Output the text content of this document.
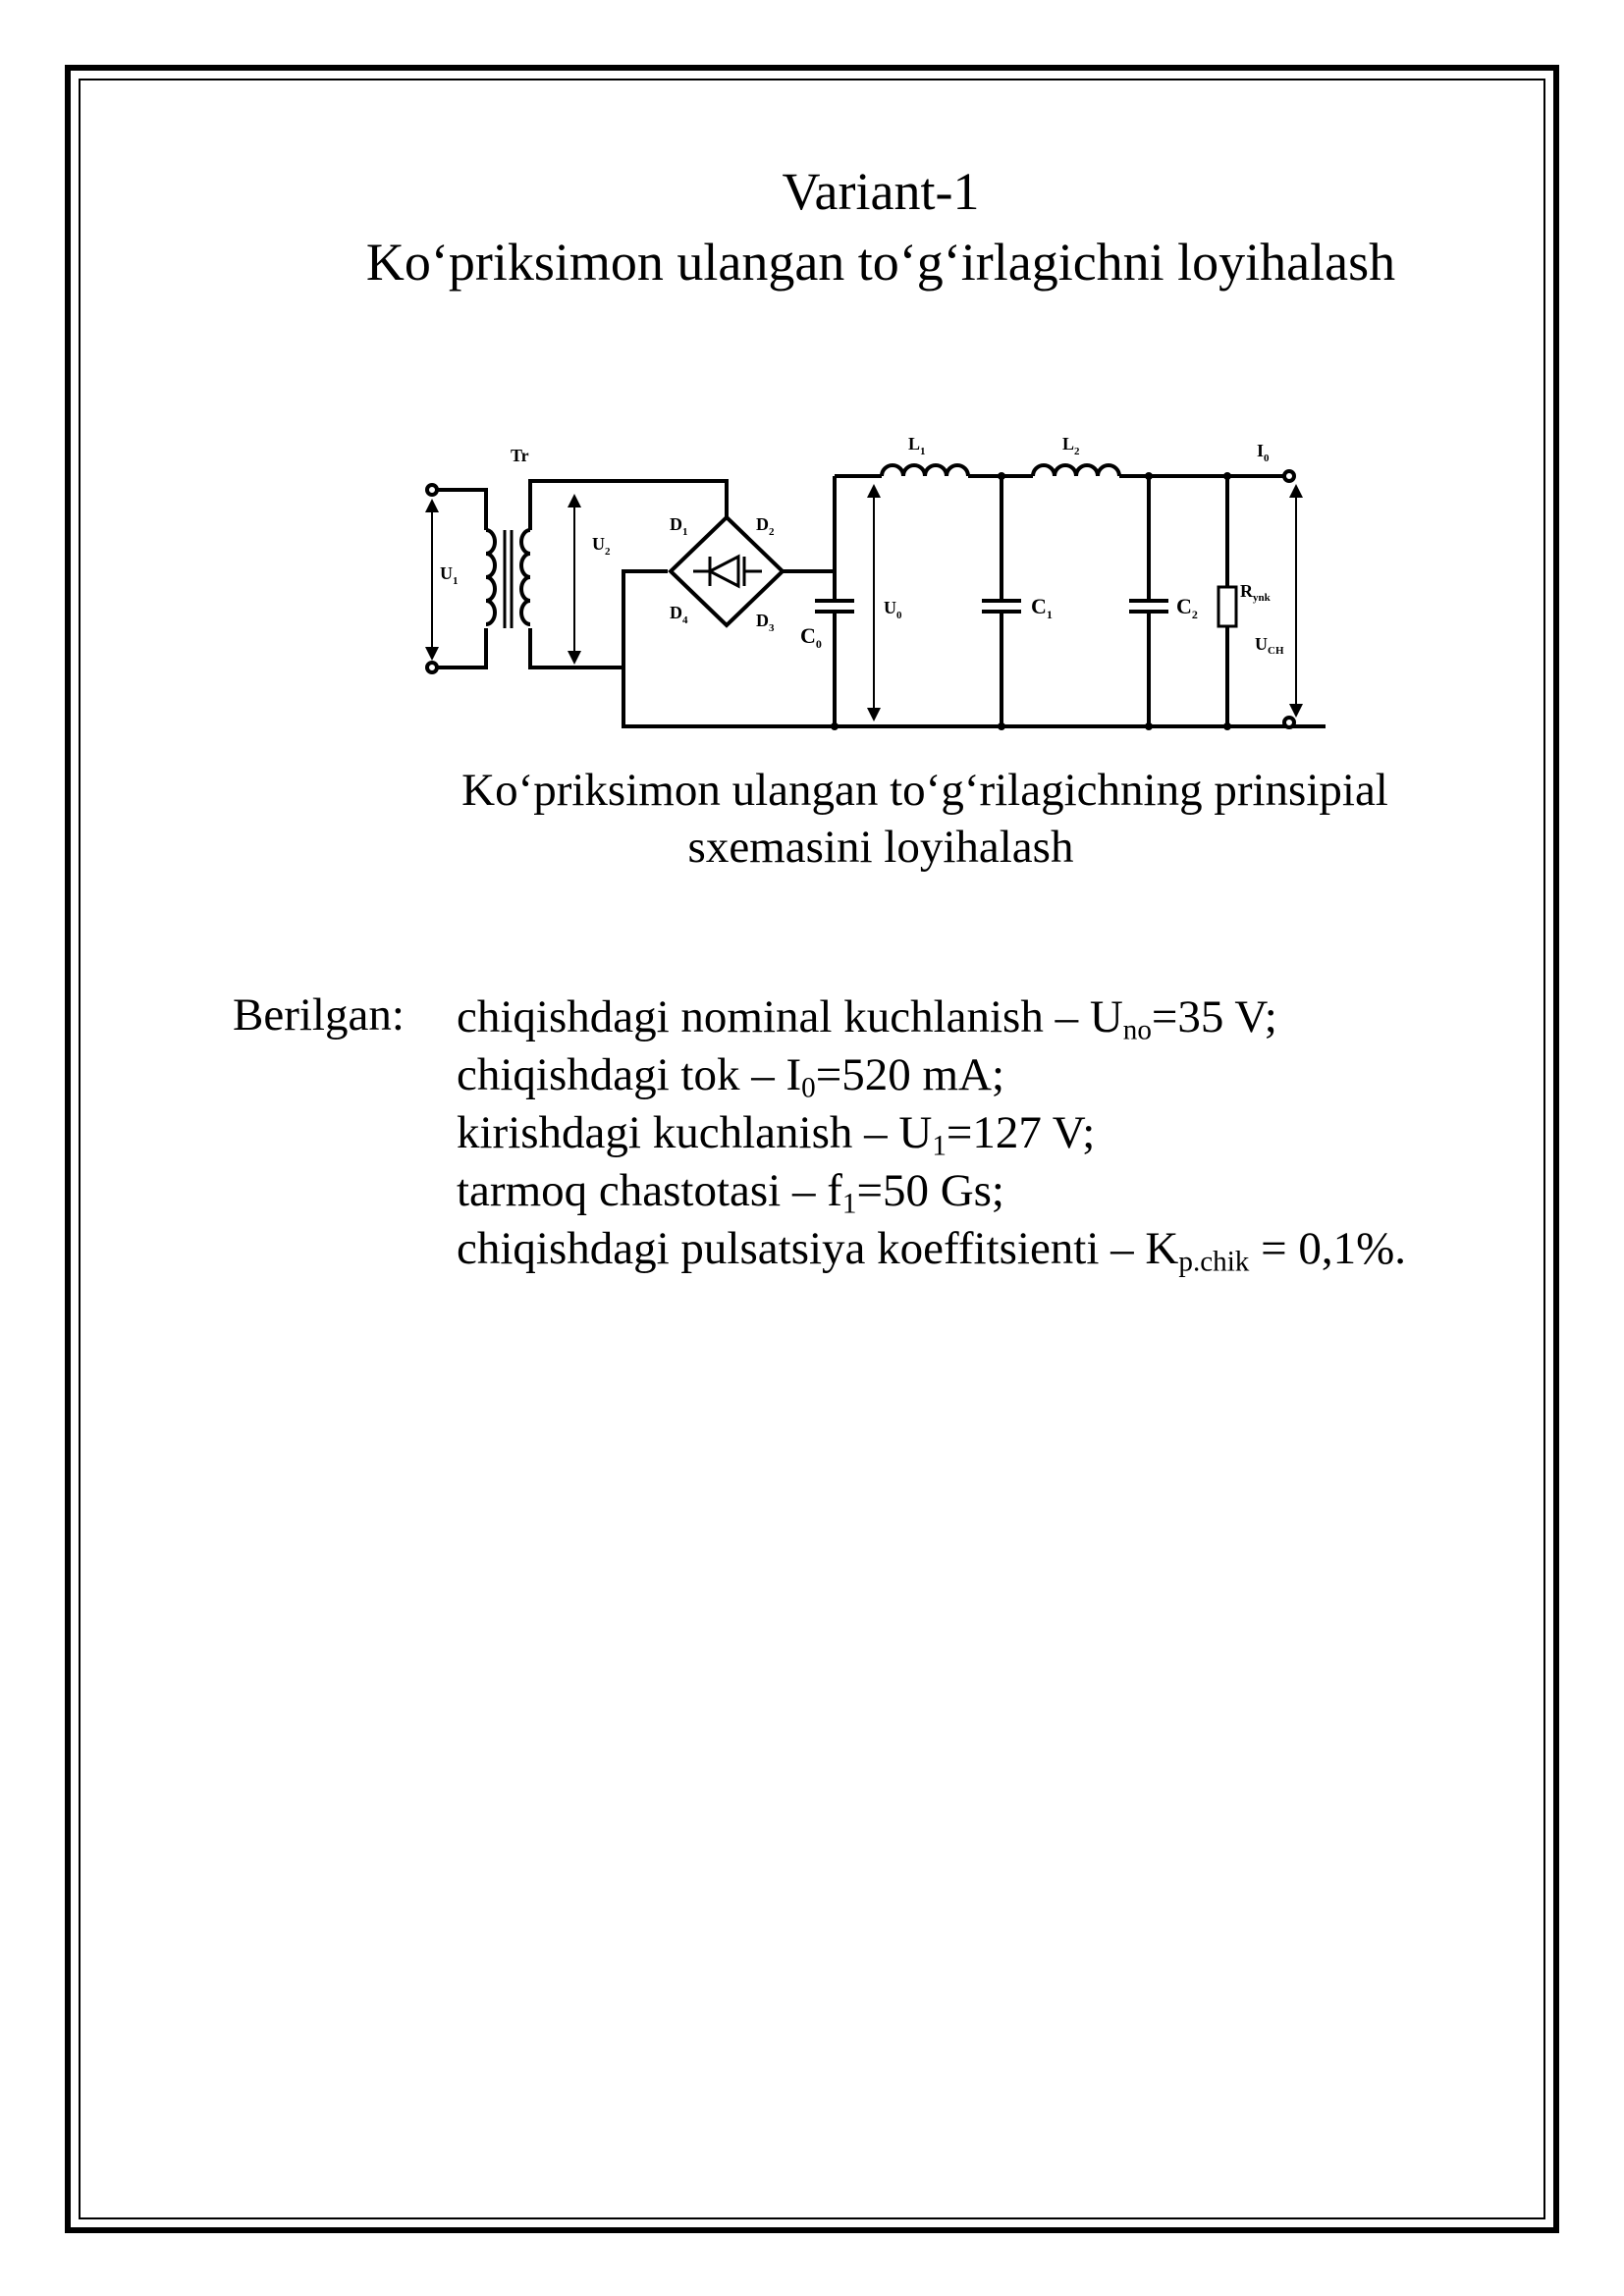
Variant-1
Ko‘priksimon ulangan to‘g‘irlagichni loyihalash
Tr
$U_1$
$U_2$
$D_1$	$D_2$
$D_3$
$D_4$
$C_0$
$U_0$
$L_1$	$L_2$
$C_1$	$C_2$
$I_0$
$R_{ynk}$
$U_{CH}$
Ko‘priksimon ulangan to‘g‘rilagichning prinsipial
sxemasini loyihalash
Berilgan: chiqishdagi nominal kuchlanish – $U_{no}=35$ V;
chiqishdagi tok – $I_0=520$ mA;
kirishdagi kuchlanish – $U_1=127$ V;
tarmoq chastotasi – $f_1=50$ Gs;
chiqishdagi pulsatsiya koeffitsienti – $K_{p.chik} = 0,1\%$.
